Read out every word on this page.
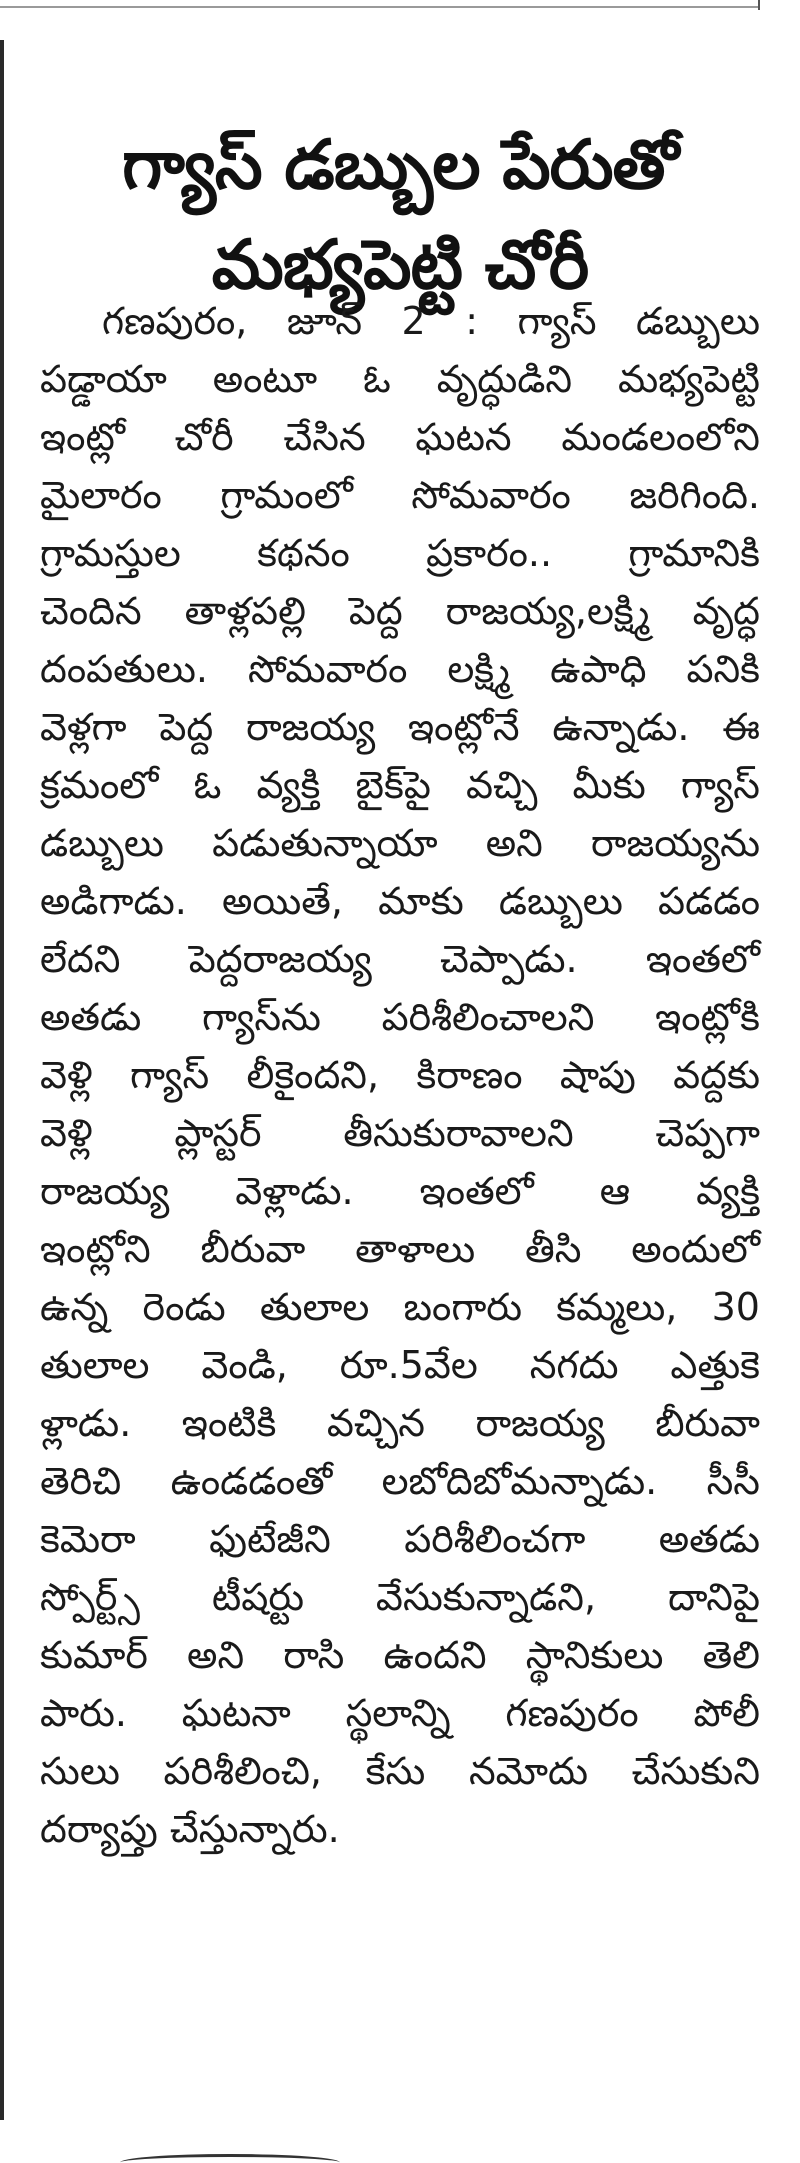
గ్యాస్ డబ్బుల పేరుతో
మభ్యపెట్టి చోరీ
గణపురం, జూన్ 2 : గ్యాస్ డబ్బులు
పడ్డాయా అంటూ ఓ వృద్ధుడిని మభ్యపెట్టి
ఇంట్లో చోరీ చేసిన ఘటన మండలంలోని
మైలారం గ్రామంలో సోమవారం జరిగింది.
గ్రామస్తుల కథనం ప్రకారం.. గ్రామానికి
చెందిన తాళ్లపల్లి పెద్ద రాజయ్య,లక్ష్మి వృద్ధ
దంపతులు. సోమవారం లక్ష్మి ఉపాధి పనికి
వెళ్లగా పెద్ద రాజయ్య ఇంట్లోనే ఉన్నాడు. ఈ
క్రమంలో ఓ వ్యక్తి బైక్‌పై వచ్చి మీకు గ్యాస్
డబ్బులు పడుతున్నాయా అని రాజయ్యను
అడిగాడు. అయితే, మాకు డబ్బులు పడడం
లేదని పెద్దరాజయ్య చెప్పాడు. ఇంతలో
అతడు గ్యాస్‌ను పరిశీలించాలని ఇంట్లోకి
వెళ్లి గ్యాస్ లీకైందని, కిరాణం షాపు వద్దకు
వెళ్లి ప్లాస్టర్ తీసుకురావాలని చెప్పగా
రాజయ్య వెళ్లాడు. ఇంతలో ఆ వ్యక్తి
ఇంట్లోని బీరువా తాళాలు తీసి అందులో
ఉన్న రెండు తులాల బంగారు కమ్మలు, 30
తులాల వెండి, రూ.5వేల నగదు ఎత్తుకె
ళ్లాడు. ఇంటికి వచ్చిన రాజయ్య బీరువా
తెరిచి ఉండడంతో లబోదిబోమన్నాడు. సీసీ
కెమెరా ఫుటేజీని పరిశీలించగా అతడు
స్పోర్ట్స్ టీషర్టు వేసుకున్నాడని, దానిపై
కుమార్ అని రాసి ఉందని స్థానికులు తెలి
పారు. ఘటనా స్థలాన్ని గణపురం పోలీ
సులు పరిశీలించి, కేసు నమోదు చేసుకుని
దర్యాప్తు చేస్తున్నారు.
